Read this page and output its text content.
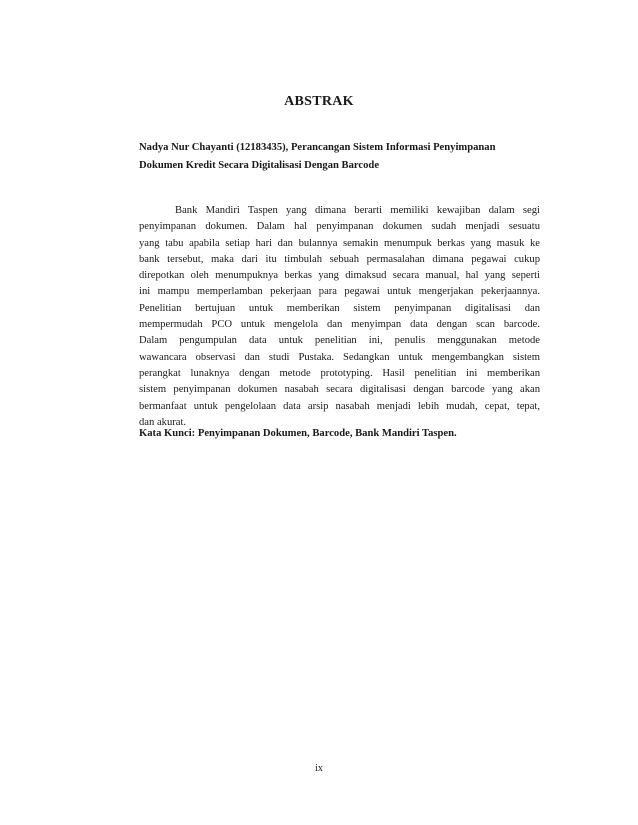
ABSTRAK
Nadya Nur Chayanti (12183435), Perancangan Sistem Informasi Penyimpanan
Dokumen Kredit Secara Digitalisasi Dengan Barcode
Bank Mandiri Taspen yang dimana berarti memiliki kewajiban dalam segi
penyimpanan dokumen. Dalam hal penyimpanan dokumen sudah menjadi sesuatu
yang tabu apabila setiap hari dan bulannya semakin menumpuk berkas yang masuk ke
bank tersebut, maka dari itu timbulah sebuah permasalahan dimana pegawai cukup
direpotkan oleh menumpuknya berkas yang dimaksud secara manual, hal yang seperti
ini mampu memperlamban pekerjaan para pegawai untuk mengerjakan pekerjaannya.
Penelitian bertujuan untuk memberikan sistem penyimpanan digitalisasi dan
mempermudah PCO untuk mengelola dan menyimpan data dengan scan barcode.
Dalam pengumpulan data untuk penelitian ini, penulis menggunakan metode
wawancara observasi dan studi Pustaka. Sedangkan untuk mengembangkan sistem
perangkat lunaknya dengan metode prototyping. Hasil penelitian ini memberikan
sistem penyimpanan dokumen nasabah secara digitalisasi dengan barcode yang akan
bermanfaat untuk pengelolaan data arsip nasabah menjadi lebih mudah, cepat, tepat,
dan akurat.
Kata Kunci: Penyimpanan Dokumen, Barcode, Bank Mandiri Taspen.
ix
